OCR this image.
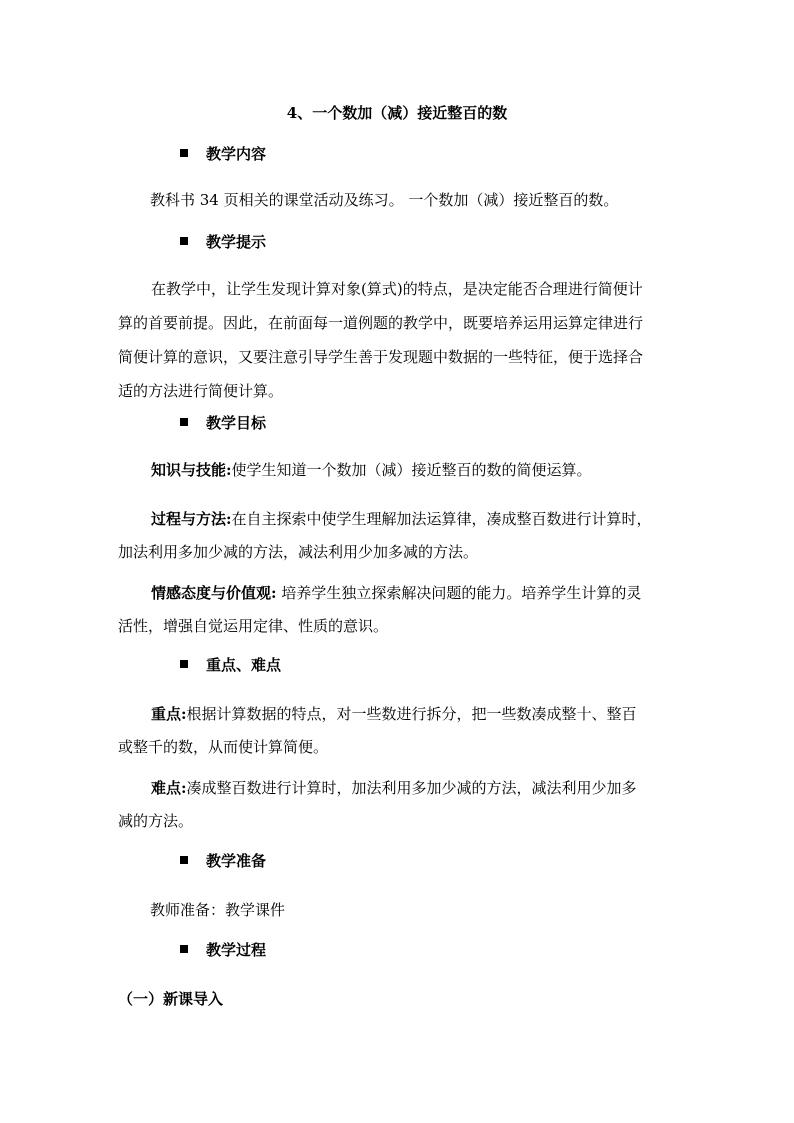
4、一个数加（减）接近整百的数
教学内容
教科书 34 页相关的课堂活动及练习。 一个数加（减）接近整百的数。
教学提示
在教学中，让学生发现计算对象(算式)的特点，是决定能否合理进行简便计
算的首要前提。因此，在前面每一道例题的教学中，既要培养运用运算定律进行
简便计算的意识，又要注意引导学生善于发现题中数据的一些特征，便于选择合
适的方法进行简便计算。
教学目标
知识与技能:使学生知道一个数加（减）接近整百的数的简便运算。
过程与方法:在自主探索中使学生理解加法运算律，凑成整百数进行计算时，
加法利用多加少减的方法，减法利用少加多减的方法。
情感态度与价值观: 培养学生独立探索解决问题的能力。培养学生计算的灵
活性，增强自觉运用定律、性质的意识。
重点、难点
重点:根据计算数据的特点，对一些数进行拆分，把一些数凑成整十、整百
或整千的数，从而使计算简便。
难点:凑成整百数进行计算时，加法利用多加少减的方法，减法利用少加多
减的方法。
教学准备
教师准备：教学课件
教学过程
（一）新课导入
